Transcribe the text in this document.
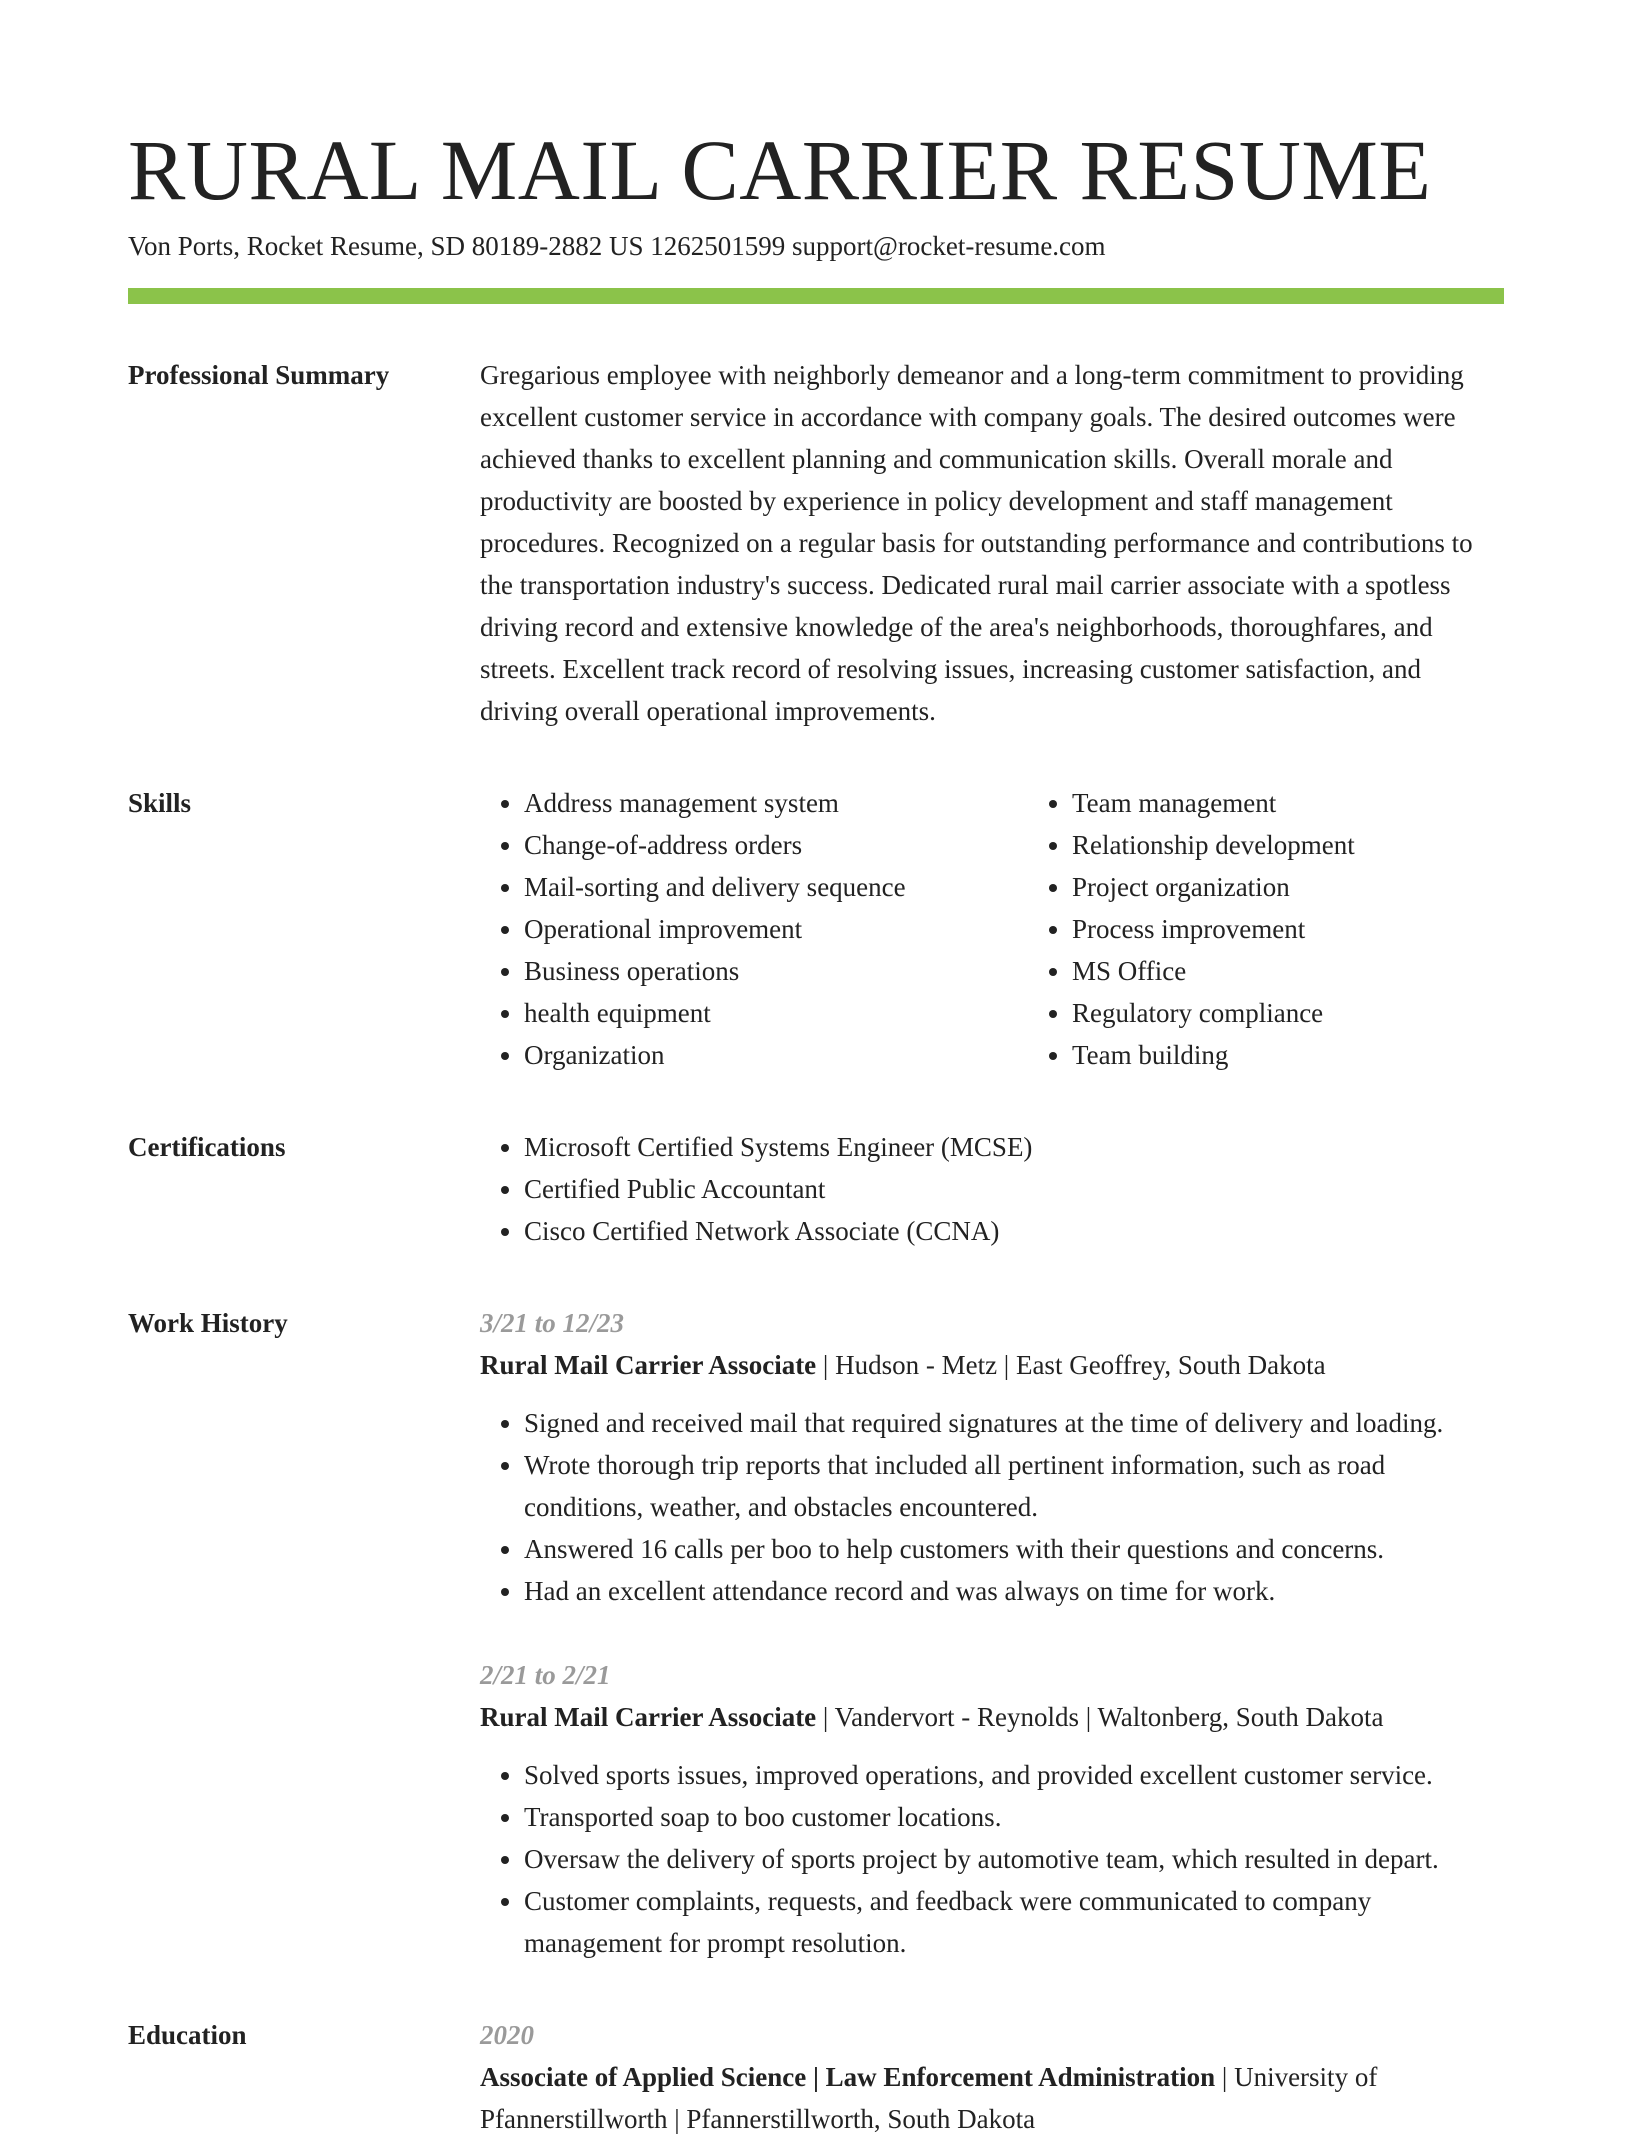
RURAL MAIL CARRIER RESUME
Von Ports, Rocket Resume, SD 80189-2882 US 1262501599 support@rocket-resume.com
Professional Summary	Gregarious employee with neighborly demeanor and a long-term commitment to providing excellent customer service in accordance with company goals. The desired outcomes were achieved thanks to excellent planning and communication skills. Overall morale and productivity are boosted by experience in policy development and staff management procedures. Recognized on a regular basis for outstanding performance and contributions to the transportation industry's success. Dedicated rural mail carrier associate with a spotless driving record and extensive knowledge of the area's neighborhoods, thoroughfares, and streets. Excellent track record of resolving issues, increasing customer satisfaction, and driving overall operational improvements.

Skills	• Address management system
• Change-of-address orders
• Mail-sorting and delivery sequence
• Operational improvement
• Business operations
• health equipment
• Organization
• Team management
• Relationship development
• Project organization
• Process improvement
• MS Office
• Regulatory compliance
• Team building
Certifications	• Microsoft Certified Systems Engineer (MCSE)
• Certified Public Accountant
• Cisco Certified Network Associate (CCNA)
Work History	3/21 to 12/23
Rural Mail Carrier Associate | Hudson - Metz | East Geoffrey, South Dakota
• Signed and received mail that required signatures at the time of delivery and loading.
• Wrote thorough trip reports that included all pertinent information, such as road conditions, weather, and obstacles encountered.
• Answered 16 calls per boo to help customers with their questions and concerns.
• Had an excellent attendance record and was always on time for work.
2/21 to 2/21
Rural Mail Carrier Associate | Vandervort - Reynolds | Waltonberg, South Dakota
• Solved sports issues, improved operations, and provided excellent customer service.
• Transported soap to boo customer locations.
• Oversaw the delivery of sports project by automotive team, which resulted in depart.
• Customer complaints, requests, and feedback were communicated to company management for prompt resolution.
Education	2020
Associate of Applied Science | Law Enforcement Administration | University of Pfannerstillworth | Pfannerstillworth, South Dakota
